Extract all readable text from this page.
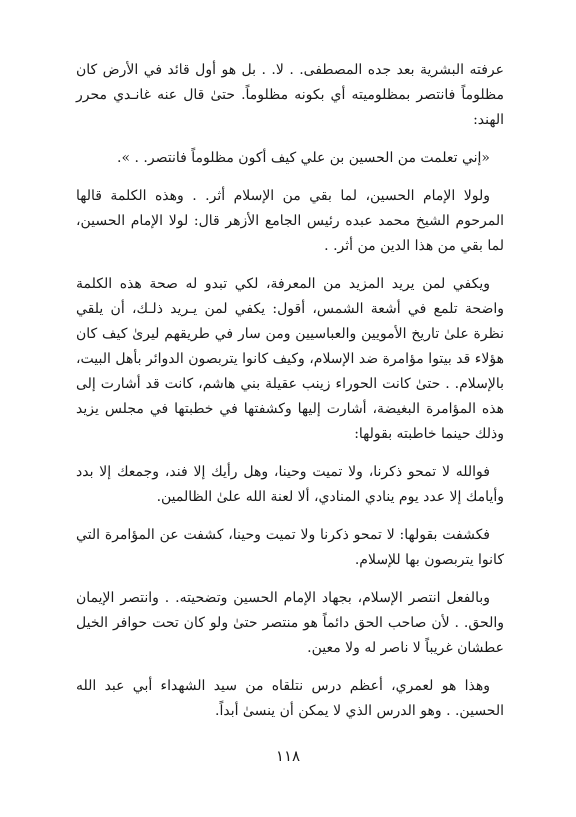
عرفته البشرية بعد جده المصطفى. . لا. . بل هو أول قائد في الأرض كان مظلوماً فانتصر بمظلوميته أي بكونه مظلوماً. حتىٰ قال عنه غانـدي محرر الهند:

«إني تعلمت من الحسين بن علي كيف أكون مظلوماً فانتصر. . ».

ولولا الإمام الحسين، لما بقي من الإسلام أثر. . وهذه الكلمة قالها المرحوم الشيخ محمد عبده رئيس الجامع الأزهر قال: لولا الإمام الحسين، لما بقي من هذا الدين من أثر. .

ويكفي لمن يريد المزيد من المعرفة، لكي تبدو له صحة هذه الكلمة واضحة تلمع في أشعة الشمس، أقول: يكفي لمن يـريد ذلـك، أن يلقي نظرة علىٰ تاريخ الأمويين والعباسيين ومن سار في طريقهم ليرىٰ كيف كان هؤلاء قد بيتوا مؤامرة ضد الإسلام، وكيف كانوا يتربصون الدوائر بأهل البيت، بالإسلام. . حتىٰ كانت الحوراء زينب عقيلة بني هاشم، كانت قد أشارت إلى هذه المؤامرة البغيضة، أشارت إليها وكشفتها في خطبتها في مجلس يزيد وذلك حينما خاطبته بقولها:

فوالله لا تمحو ذكرنا، ولا تميت وحينا، وهل رأيك إلا فند، وجمعك إلا بدد وأيامك إلا عدد يوم ينادي المنادي، ألا لعنة الله علىٰ الظالمين.

فكشفت بقولها: لا تمحو ذكرنا ولا تميت وحينا، كشفت عن المؤامرة التي كانوا يتربصون بها للإسلام.

وبالفعل انتصر الإسلام، بجهاد الإمام الحسين وتضحيته. . وانتصر الإيمان والحق. . لأن صاحب الحق دائماً هو منتصر حتىٰ ولو كان تحت حوافر الخيل عطشان غريباً لا ناصر له ولا معين.

وهذا هو لعمري، أعظم درس نتلقاه من سيد الشهداء أبي عبد الله الحسين. . وهو الدرس الذي لا يمكن أن ينسىٰ أبداً.

١١٨
